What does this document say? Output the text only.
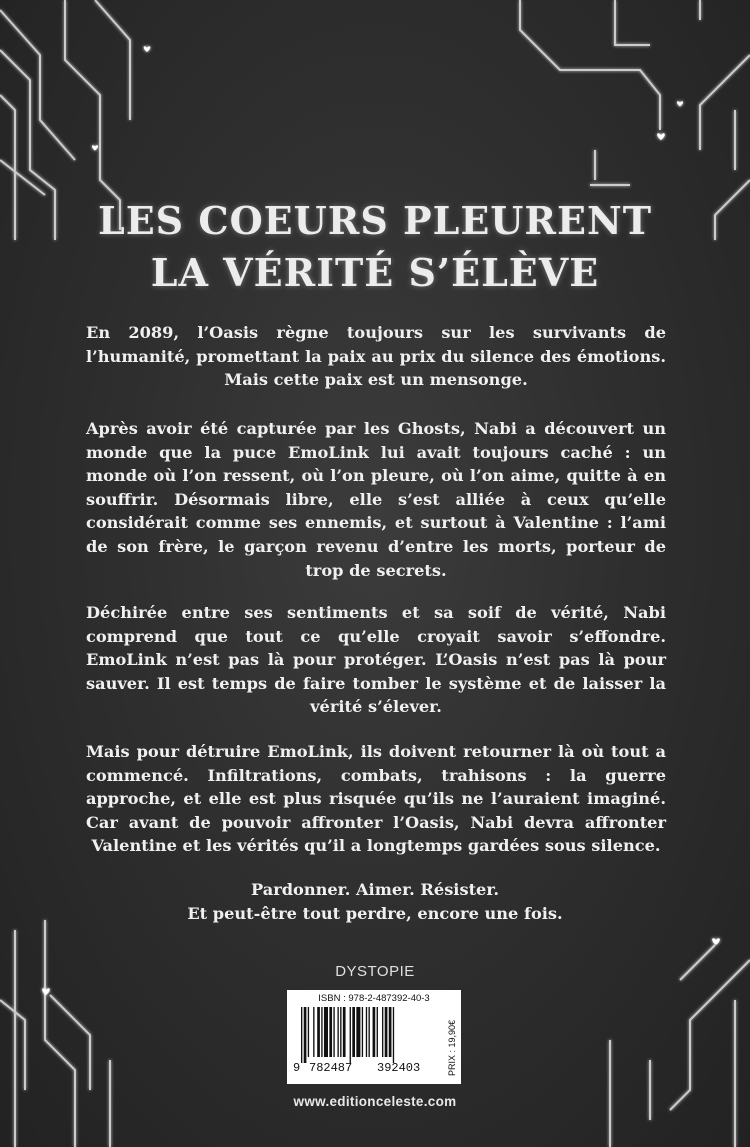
LES COEURS PLEURENT
LA VÉRITÉ S’ÉLÈVE

En 2089, l’Oasis règne toujours sur les survivants de l’humanité, promettant la paix au prix du silence des émotions. Mais cette paix est un mensonge.

Après avoir été capturée par les Ghosts, Nabi a découvert un monde que la puce EmoLink lui avait toujours caché : un monde où l’on ressent, où l’on pleure, où l’on aime, quitte à en souffrir. Désormais libre, elle s’est alliée à ceux qu’elle considérait comme ses ennemis, et surtout à Valentine : l’ami de son frère, le garçon revenu d’entre les morts, porteur de trop de secrets.

Déchirée entre ses sentiments et sa soif de vérité, Nabi comprend que tout ce qu’elle croyait savoir s’effondre. EmoLink n’est pas là pour protéger. L’Oasis n’est pas là pour sauver. Il est temps de faire tomber le système et de laisser la vérité s’élever.

Mais pour détruire EmoLink, ils doivent retourner là où tout a commencé. Infiltrations, combats, trahisons : la guerre approche, et elle est plus risquée qu’ils ne l’auraient imaginé. Car avant de pouvoir affronter l’Oasis, Nabi devra affronter Valentine et les vérités qu’il a longtemps gardées sous silence.

Pardonner. Aimer. Résister.

Et peut-être tout perdre, encore une fois.

DYSTOPIE
ISBN : 978-2-487392-40-3
9 782487 392403	PRIX : 19,90€
www.editionceleste.com
